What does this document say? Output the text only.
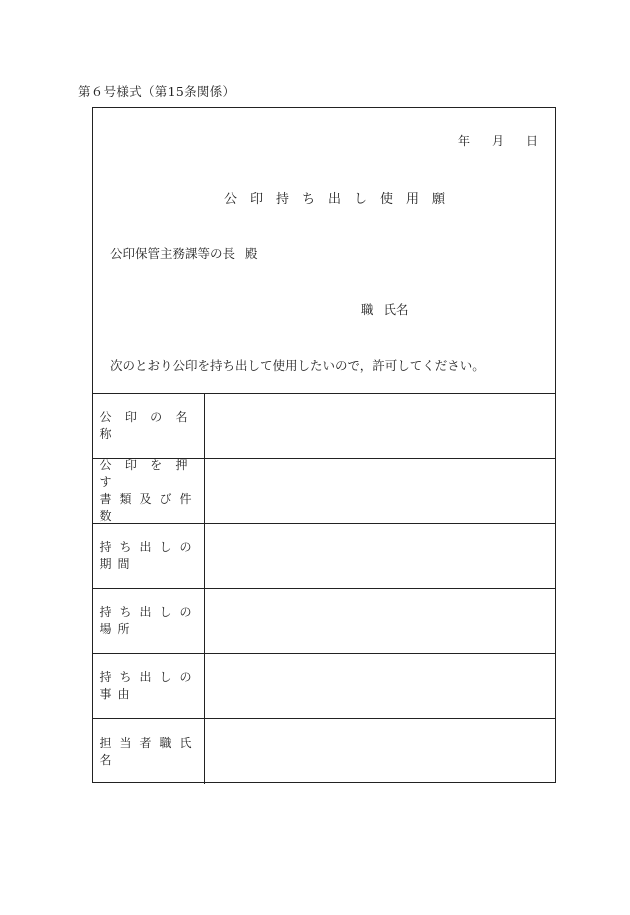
第６号様式（第15条関係）
年 月 日
公印持ち出し使用願
公印保管主務課等の長 殿
職 氏名
次のとおり公印を持ち出して使用したいので，許可してください。
公印の名称
公印を押す
書類及び件数
持ち出しの期間
持ち出しの場所
持ち出しの事由
担当者職氏名
